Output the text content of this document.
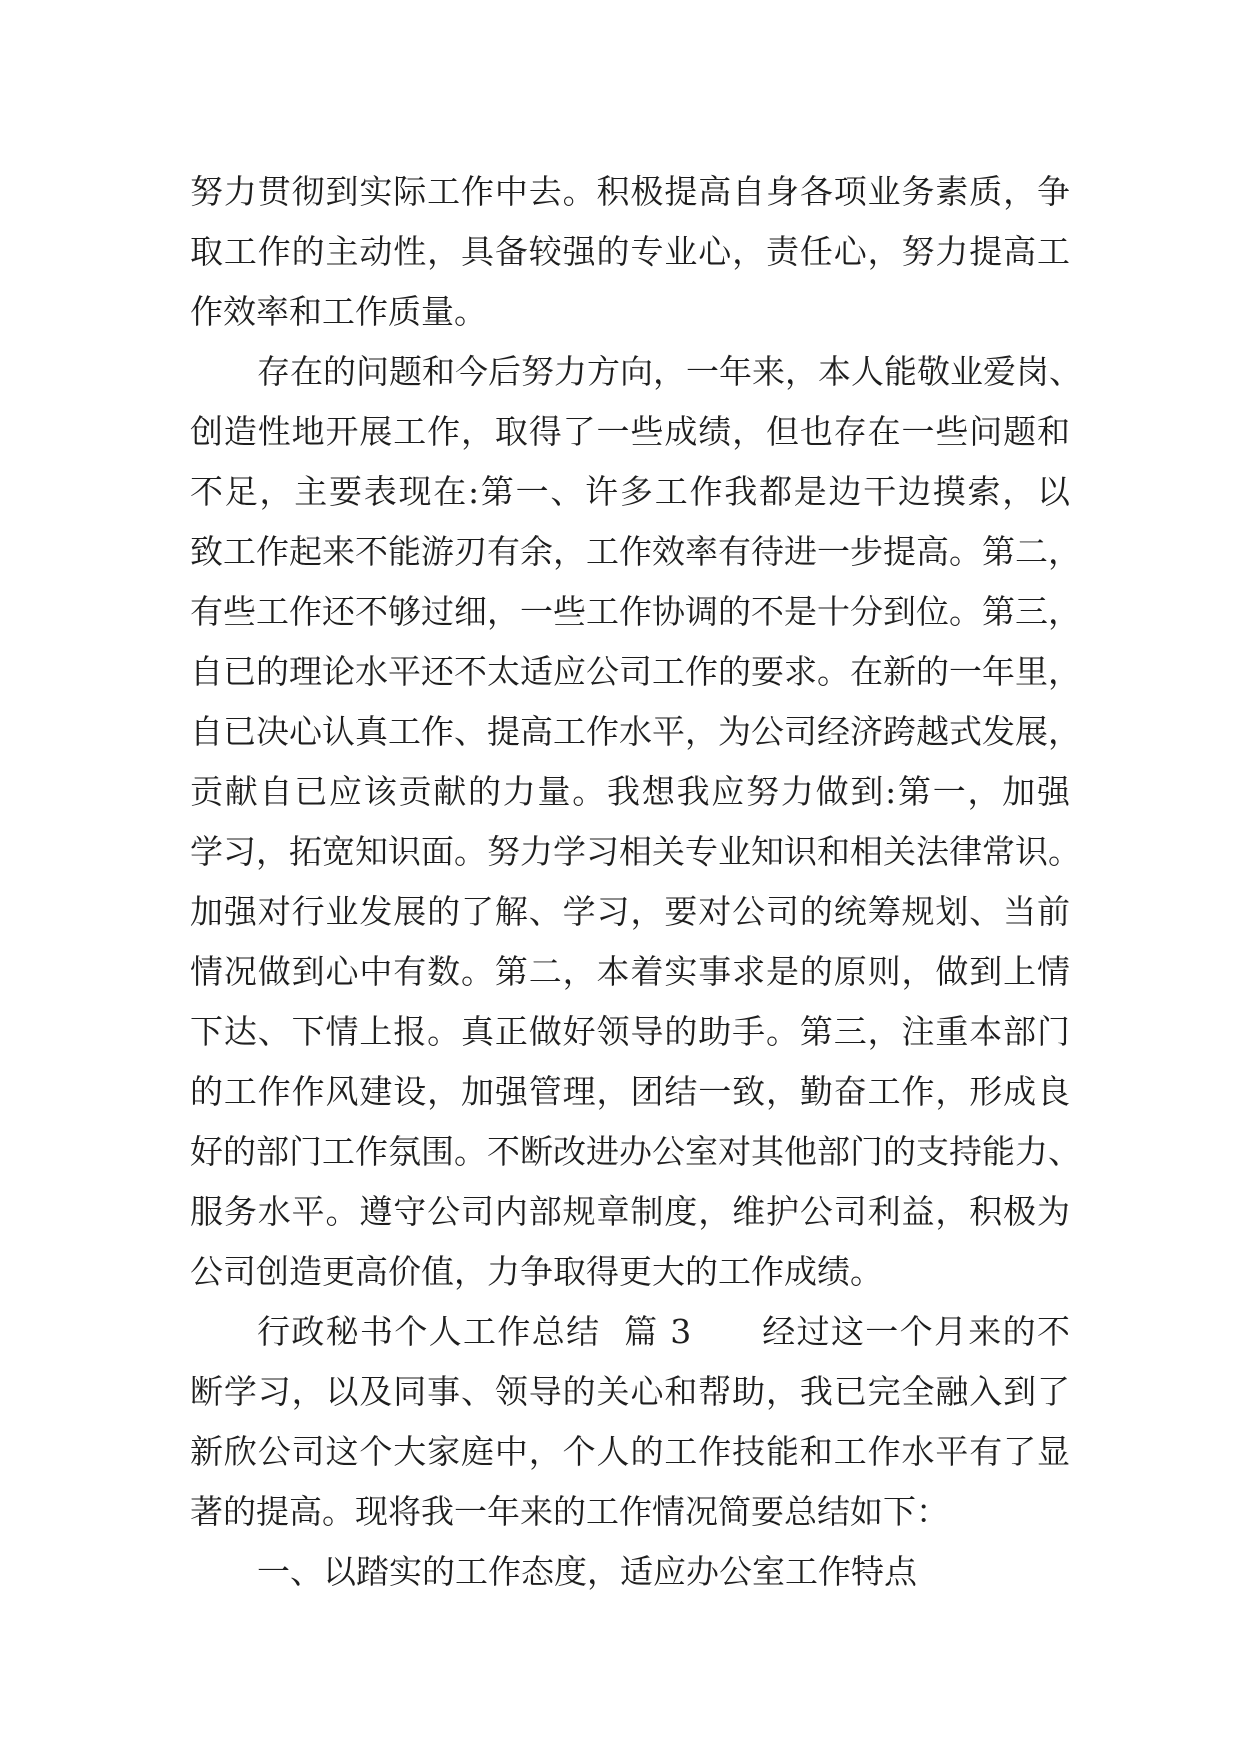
努力贯彻到实际工作中去。积极提高自身各项业务素质，争
取工作的主动性，具备较强的专业心，责任心，努力提高工
作效率和工作质量。
存在的问题和今后努力方向，一年来，本人能敬业爱岗、
创造性地开展工作，取得了一些成绩，但也存在一些问题和
不足，主要表现在:第一、许多工作我都是边干边摸索，以
致工作起来不能游刃有余，工作效率有待进一步提高。第二，
有些工作还不够过细，一些工作协调的不是十分到位。第三，
自已的理论水平还不太适应公司工作的要求。在新的一年里，
自已决心认真工作、提高工作水平，为公司经济跨越式发展，
贡献自已应该贡献的力量。我想我应努力做到:第一，加强
学习，拓宽知识面。努力学习相关专业知识和相关法律常识。
加强对行业发展的了解、学习，要对公司的统筹规划、当前
情况做到心中有数。第二，本着实事求是的原则，做到上情
下达、下情上报。真正做好领导的助手。第三，注重本部门
的工作作风建设，加强管理，团结一致，勤奋工作，形成良
好的部门工作氛围。不断改进办公室对其他部门的支持能力、
服务水平。遵守公司内部规章制度，维护公司利益，积极为
公司创造更高价值，力争取得更大的工作成绩。
行政秘书个人工作总结  篇 3      经过这一个月来的不
断学习，以及同事、领导的关心和帮助，我已完全融入到了
新欣公司这个大家庭中，个人的工作技能和工作水平有了显
著的提高。现将我一年来的工作情况简要总结如下：
一、以踏实的工作态度，适应办公室工作特点
